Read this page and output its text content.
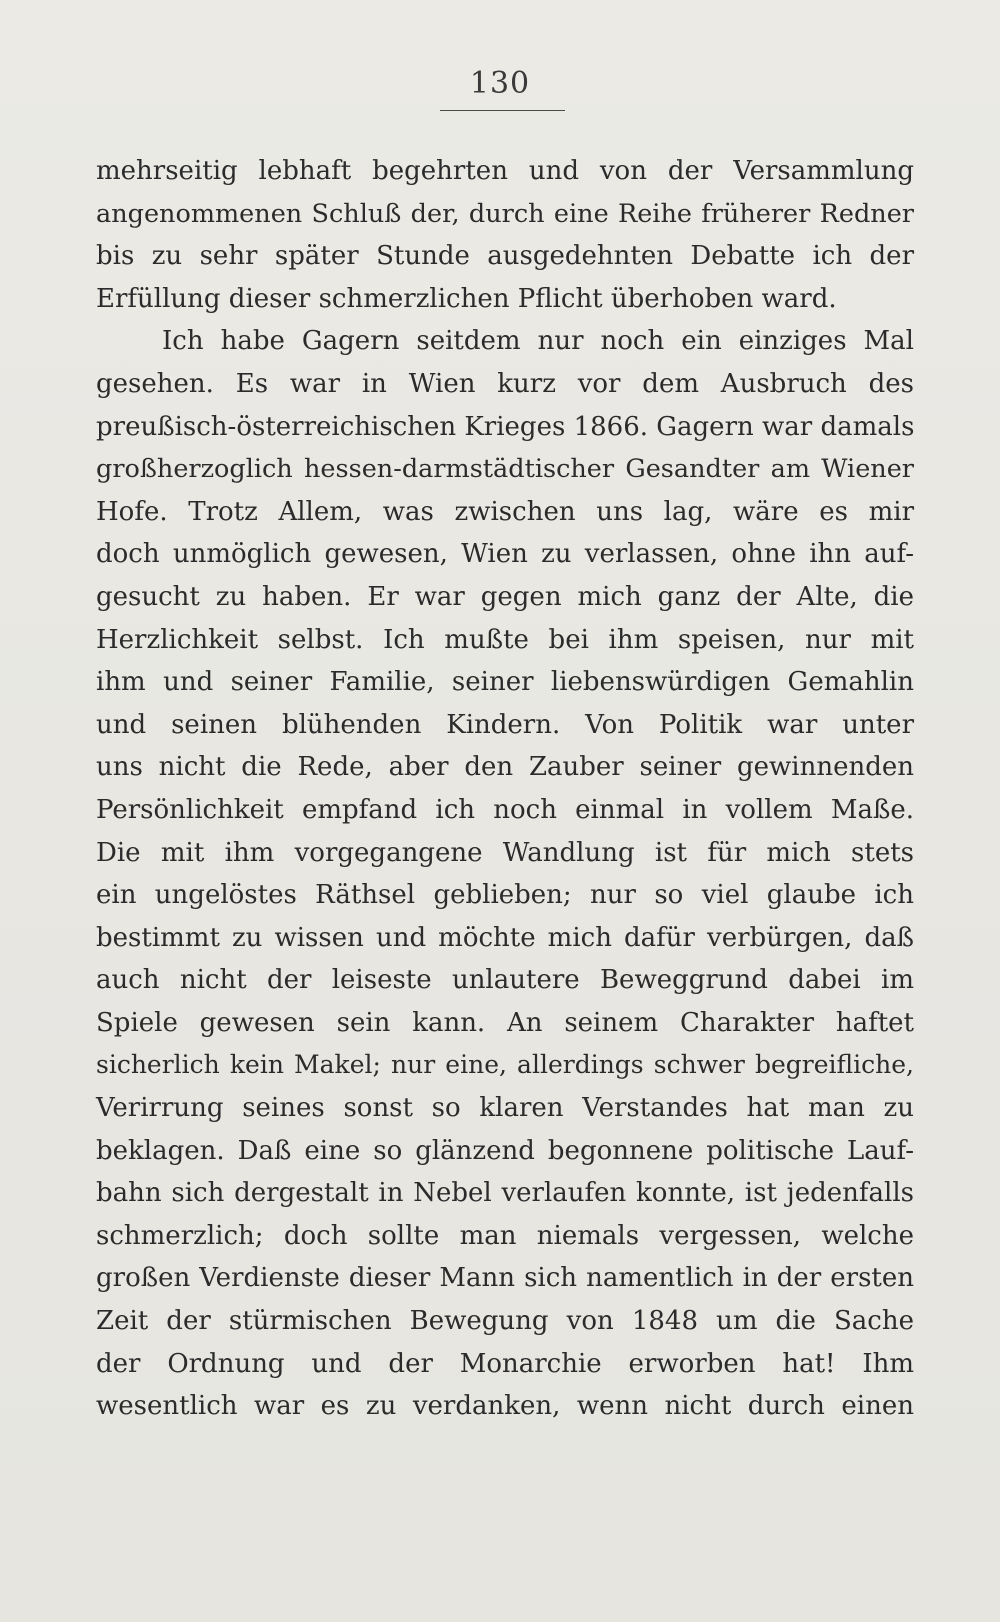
130
mehrseitig lebhaft begehrten und von der Versammlung
angenommenen Schluß der, durch eine Reihe früherer Redner
bis zu sehr später Stunde ausgedehnten Debatte ich der
Erfüllung dieser schmerzlichen Pflicht überhoben ward.
Ich habe Gagern seitdem nur noch ein einziges Mal
gesehen. Es war in Wien kurz vor dem Ausbruch des
preußisch-österreichischen Krieges 1866. Gagern war damals
großherzoglich hessen-darmstädtischer Gesandter am Wiener
Hofe. Trotz Allem, was zwischen uns lag, wäre es mir
doch unmöglich gewesen, Wien zu verlassen, ohne ihn auf-
gesucht zu haben. Er war gegen mich ganz der Alte, die
Herzlichkeit selbst. Ich mußte bei ihm speisen, nur mit
ihm und seiner Familie, seiner liebenswürdigen Gemahlin
und seinen blühenden Kindern. Von Politik war unter
uns nicht die Rede, aber den Zauber seiner gewinnenden
Persönlichkeit empfand ich noch einmal in vollem Maße.
Die mit ihm vorgegangene Wandlung ist für mich stets
ein ungelöstes Räthsel geblieben; nur so viel glaube ich
bestimmt zu wissen und möchte mich dafür verbürgen, daß
auch nicht der leiseste unlautere Beweggrund dabei im
Spiele gewesen sein kann. An seinem Charakter haftet
sicherlich kein Makel; nur eine, allerdings schwer begreifliche,
Verirrung seines sonst so klaren Verstandes hat man zu
beklagen. Daß eine so glänzend begonnene politische Lauf-
bahn sich dergestalt in Nebel verlaufen konnte, ist jedenfalls
schmerzlich; doch sollte man niemals vergessen, welche
großen Verdienste dieser Mann sich namentlich in der ersten
Zeit der stürmischen Bewegung von 1848 um die Sache
der Ordnung und der Monarchie erworben hat! Ihm
wesentlich war es zu verdanken, wenn nicht durch einen
